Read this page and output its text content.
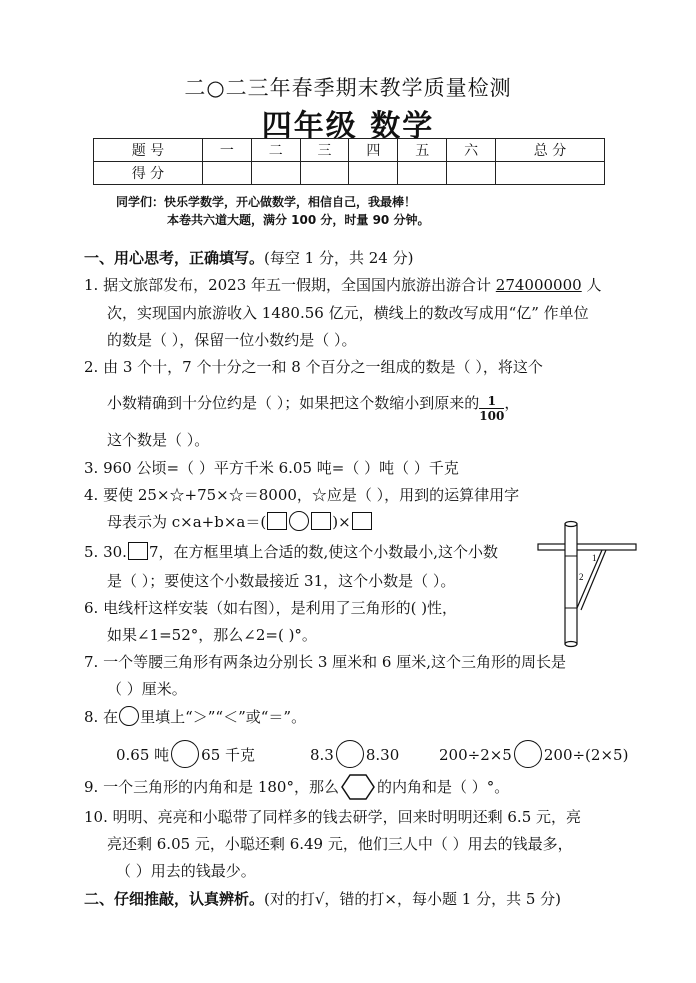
二○二三年春季期末教学质量检测
四年级 数学
题 号	一	二	三	四	五	六	总 分
得 分							
同学们：快乐学数学，开心做数学，相信自己，我最棒！
本卷共六道大题，满分 100 分，时量 90 分钟。
一、用心思考，正确填写。(每空 1 分，共 24 分)
1. 据文旅部发布，2023 年五一假期，全国国内旅游出游合计 274000000 人
次，实现国内旅游收入 1480.56 亿元，横线上的数改写成用“亿” 作单位
的数是（ ），保留一位小数约是（ ）。
2. 由 3 个十，7 个十分之一和 8 个百分之一组成的数是（ ），将这个
小数精确到十分位约是（ ）；如果把这个数缩小到原来的 $\frac{1}{100}$ ，
这个数是（ ）。
3. 960 公顷=（ ）平方千米 6.05 吨=（ ）吨（ ）千克
4. 要使 25×☆+75×☆＝8000，☆应是（ ），用到的运算律用字
母表示为 c×a+b×a＝(	)×
5. 30. 7，在方框里填上合适的数,使这个小数最小,这个小数
是（ ）；要使这个小数最接近 31，这个小数是（ ）。
6. 电线杆这样安装（如右图），是利用了三角形的( )性，
如果∠1=52°，那么∠2=( )°。
1
2
7. 一个等腰三角形有两条边分别长 3 厘米和 6 厘米,这个三角形的周长是
（ ）厘米。
8. 在 里填上“＞”“＜”或“＝”。
0.65 吨 65 千克	8.3 8.30	200÷2×5 200÷(2×5)
9. 一个三角形的内角和是 180°，那么	的内角和是（ ）°。
10. 明明、亮亮和小聪带了同样多的钱去研学，回来时明明还剩 6.5 元，亮
亮还剩 6.05 元，小聪还剩 6.49 元，他们三人中（ ）用去的钱最多，
（ ）用去的钱最少。
二、仔细推敲，认真辨析。(对的打√，错的打×，每小题 1 分，共 5 分)
